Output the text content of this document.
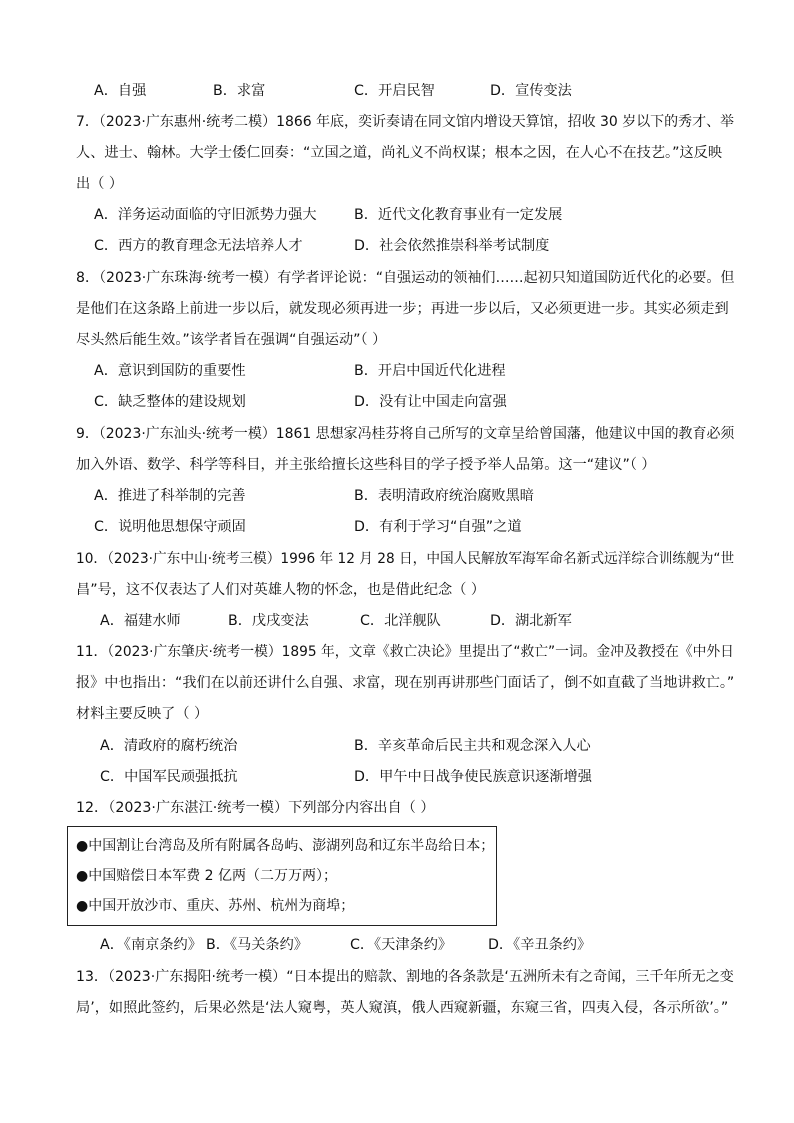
A．自强	B．求富	C．开启民智	D．宣传变法
7．（2023·广东惠州·统考二模）1866 年底，奕䜣奏请在同文馆内增设天算馆，招收 30 岁以下的秀才、举
人、进士、翰林。大学士倭仁回奏：“立国之道，尚礼义不尚权谋；根本之因，在人心不在技艺。”这反映
出（ ）
A．洋务运动面临的守旧派势力强大	B．近代文化教育事业有一定发展
C．西方的教育理念无法培养人才	D．社会依然推崇科举考试制度
8．（2023·广东珠海·统考一模）有学者评论说：“自强运动的领袖们……起初只知道国防近代化的必要。但
是他们在这条路上前进一步以后，就发现必须再进一步；再进一步以后，又必须更进一步。其实必须走到
尽头然后能生效。”该学者旨在强调“自强运动”（ ）
A．意识到国防的重要性	B．开启中国近代化进程
C．缺乏整体的建设规划	D．没有让中国走向富强
9．（2023·广东汕头·统考一模）1861 思想家冯桂芬将自己所写的文章呈给曾国藩，他建议中国的教育必须
加入外语、数学、科学等科目，并主张给擅长这些科目的学子授予举人品第。这一“建议”（ ）
A．推进了科举制的完善	B．表明清政府统治腐败黑暗
C．说明他思想保守顽固	D．有利于学习“自强”之道
10．（2023·广东中山·统考三模）1996 年 12 月 28 日，中国人民解放军海军命名新式远洋综合训练舰为“世
昌”号，这不仅表达了人们对英雄人物的怀念，也是借此纪念（ ）
A．福建水师	B．戊戌变法	C．北洋舰队	D．湖北新军
11．（2023·广东肇庆·统考一模）1895 年，文章《救亡决论》里提出了“救亡”一词。金冲及教授在《中外日
报》中也指出：“我们在以前还讲什么自强、求富，现在别再讲那些门面话了，倒不如直截了当地讲救亡。”
材料主要反映了（ ）
A．清政府的腐朽统治	B．辛亥革命后民主共和观念深入人心
C．中国军民顽强抵抗	D．甲午中日战争使民族意识逐渐增强
12．（2023·广东湛江·统考一模）下列部分内容出自（ ）
●中国割让台湾岛及所有附属各岛屿、澎湖列岛和辽东半岛给日本；
●中国赔偿日本军费 2 亿两（二万万两）；
●中国开放沙市、重庆、苏州、杭州为商埠；
A．《南京条约》 B．《马关条约》	C．《天津条约》	D．《辛丑条约》
13．（2023·广东揭阳·统考一模）“日本提出的赔款、割地的各条款是‘五洲所未有之奇闻，三千年所无之变
局’，如照此签约，后果必然是‘法人窥粤，英人窥滇，俄人西窥新疆，东窥三省，四夷入侵，各示所欲’。”
